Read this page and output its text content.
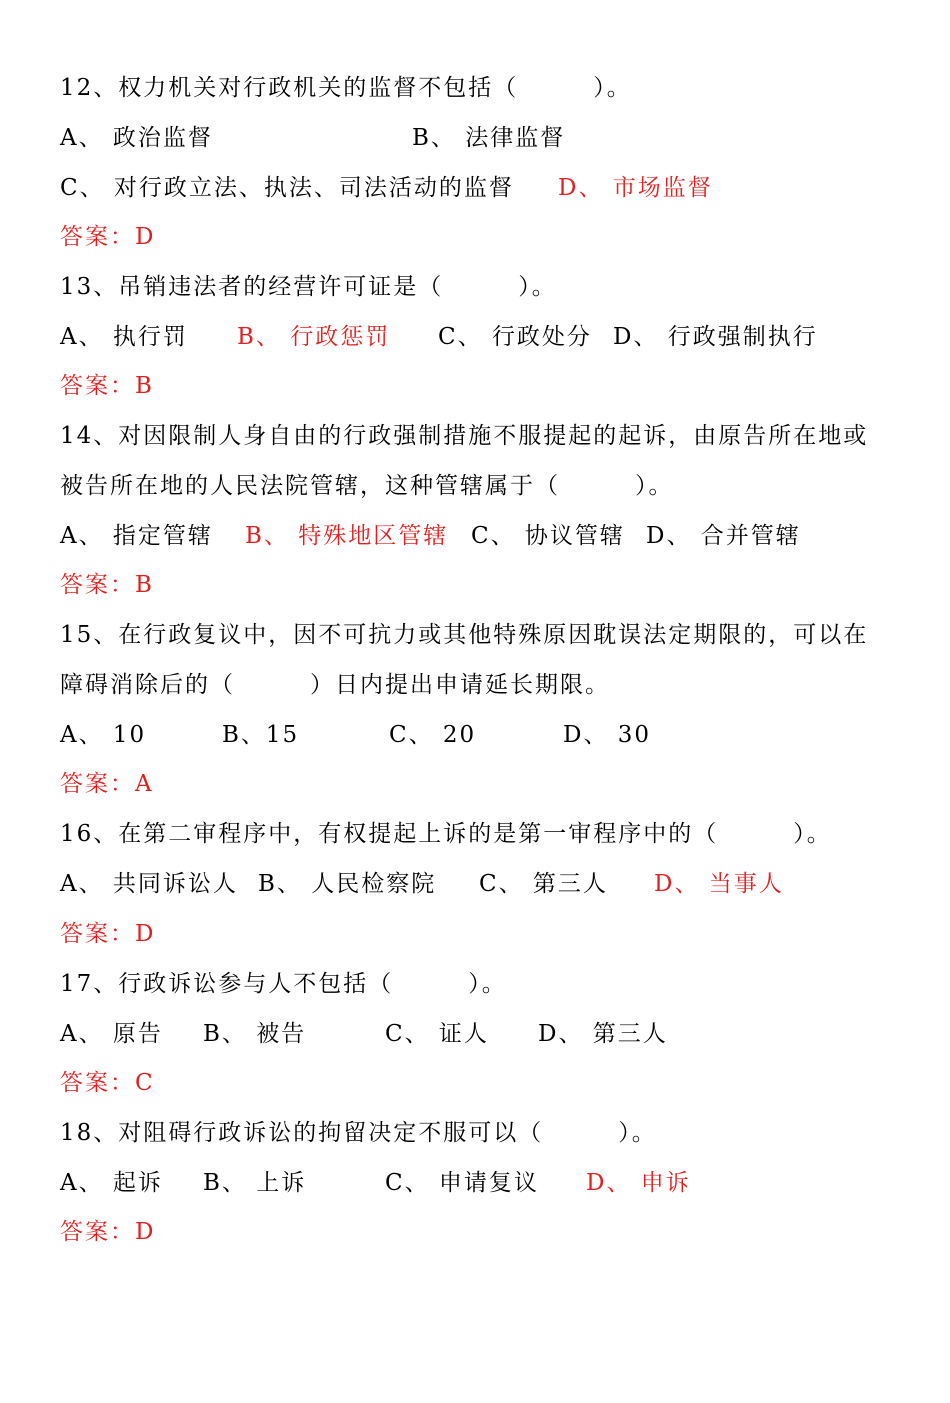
12、权力机关对行政机关的监督不包括（　　　）。

A、 政治监督

	B、 法律监督

C、 对行政立法、执法、司法活动的监督

D、 市场监督

答案：D
13、吊销违法者的经营许可证是（　　　）。

A、 执行罚

B、 行政惩罚

C、 行政处分

D、 行政强制执行

答案：B
14、对因限制人身自由的行政强制措施不服提起的起诉，由原告所在地或
被告所在地的人民法院管辖，这种管辖属于（　　　）。

A、 指定管辖

B、 特殊地区管辖

C、 协议管辖

D、 合并管辖

答案：B
15、在行政复议中，因不可抗力或其他特殊原因耽误法定期限的，可以在
障碍消除后的（　　　）日内提出申请延长期限。

A、 10

	B、15

	C、 20

	D、 30

答案：A
16、在第二审程序中，有权提起上诉的是第一审程序中的（　　　）。

A、 共同诉讼人

B、 人民检察院

C、 第三人

D、 当事人

答案：D
17、行政诉讼参与人不包括（　　　）。

A、 原告

B、 被告

	C、 证人

D、 第三人

答案：C
18、对阻碍行政诉讼的拘留决定不服可以（　　　）。

A、 起诉

B、 上诉

	C、 申请复议

D、 申诉

答案：D
